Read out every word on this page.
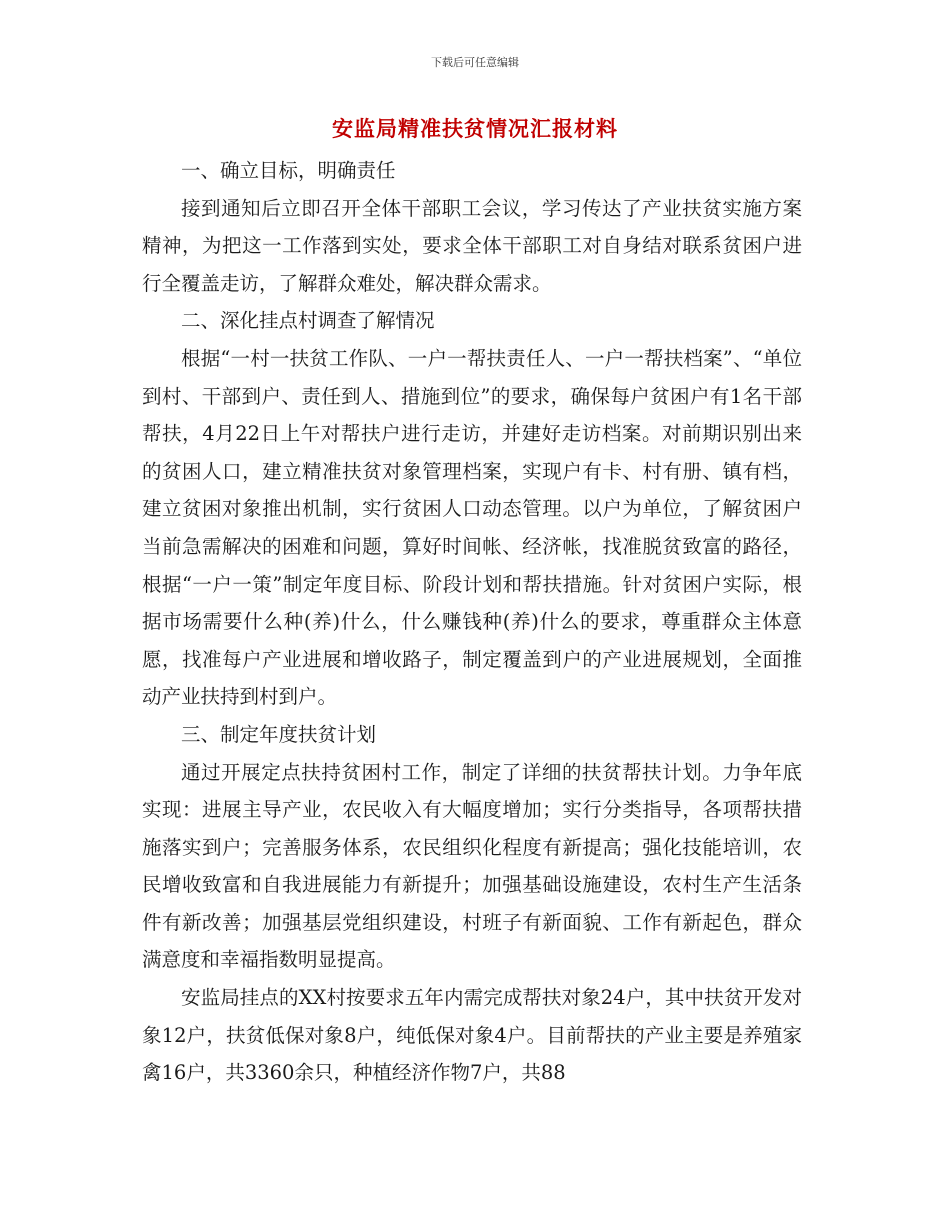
下载后可任意编辑
安监局精准扶贫情况汇报材料

一、确立目标，明确责任

接到通知后立即召开全体干部职工会议，学习传达了产业扶贫实施方案精神，为把这一工作落到实处，要求全体干部职工对自身结对联系贫困户进行全覆盖走访，了解群众难处，解决群众需求。

二、深化挂点村调查了解情况

根据“一村一扶贫工作队、一户一帮扶责任人、一户一帮扶档案”、“单位到村、干部到户、责任到人、措施到位”的要求，确保每户贫困户有1名干部帮扶，4月22日上午对帮扶户进行走访，并建好走访档案。对前期识别出来的贫困人口，建立精准扶贫对象管理档案，实现户有卡、村有册、镇有档，建立贫困对象推出机制，实行贫困人口动态管理。以户为单位，了解贫困户当前急需解决的困难和问题，算好时间帐、经济帐，找准脱贫致富的路径，根据“一户一策”制定年度目标、阶段计划和帮扶措施。针对贫困户实际，根据市场需要什么种(养)什么，什么赚钱种(养)什么的要求，尊重群众主体意愿，找准每户产业进展和增收路子，制定覆盖到户的产业进展规划，全面推动产业扶持到村到户。

三、制定年度扶贫计划

通过开展定点扶持贫困村工作，制定了详细的扶贫帮扶计划。力争年底实现：进展主导产业，农民收入有大幅度增加；实行分类指导，各项帮扶措施落实到户；完善服务体系，农民组织化程度有新提高；强化技能培训，农民增收致富和自我进展能力有新提升；加强基础设施建设，农村生产生活条件有新改善；加强基层党组织建设，村班子有新面貌、工作有新起色，群众满意度和幸福指数明显提高。

安监局挂点的XX村按要求五年内需完成帮扶对象24户，其中扶贫开发对象12户，扶贫低保对象8户，纯低保对象4户。目前帮扶的产业主要是养殖家禽16户，共3360余只，种植经济作物7户，共88
